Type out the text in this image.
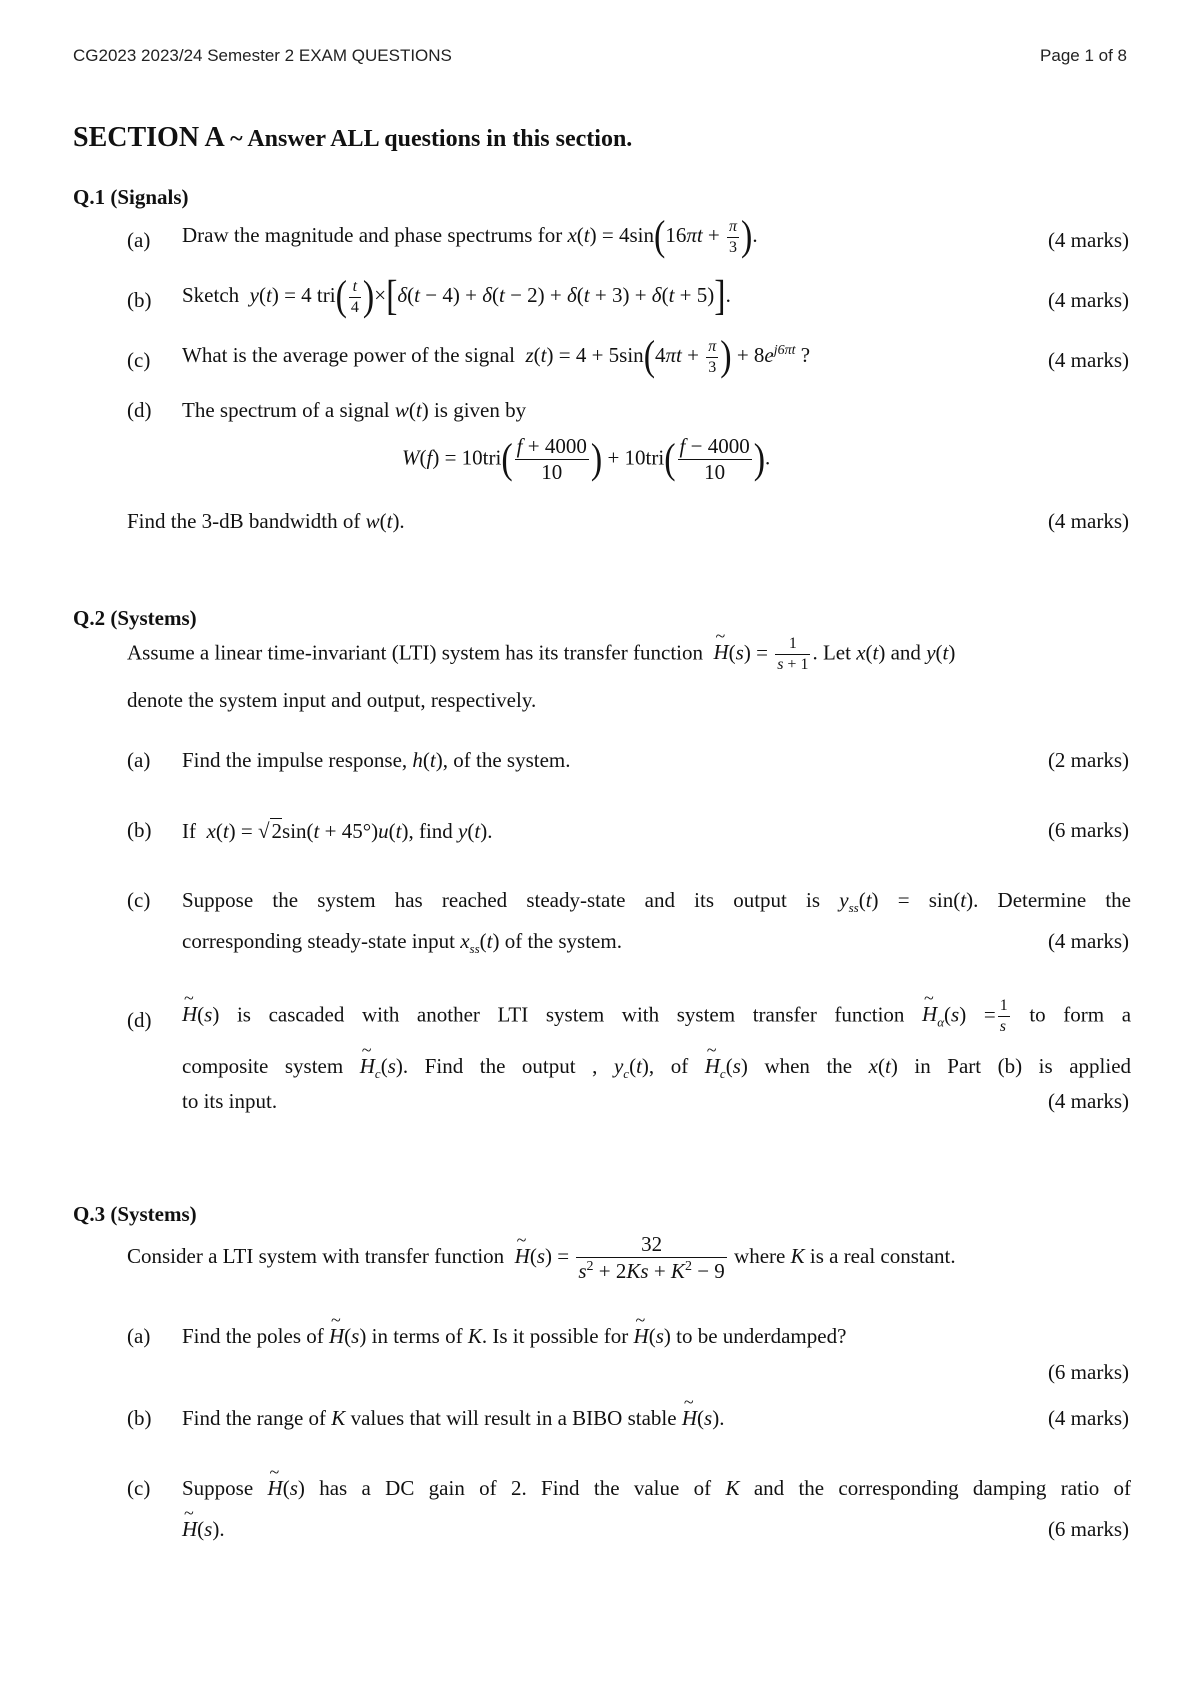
CG2023 2023/24 Semester 2 EXAM QUESTIONS	Page 1 of 8
SECTION A ~ Answer ALL questions in this section.
Q.1 (Signals)
(a) Draw the magnitude and phase spectrums for $x(t) = 4\sin(16\pi t + \frac{\pi}{3}$ ).	(4 marks)
(b) Sketch y(t) = 4 $tri( \frac{t}{4} )\times[\delta(t - 4) + \delta(t - 2) + \delta(t + 3) + \delta(t + 5)]$.	(4 marks)
(c) What is the average power of the signal $z(t) = 4 + 5\sin(4\pi t + \frac{\pi}{3}$ ) + $8e^{j6\pi t}$ ?	(4 marks)
(d) The spectrum of a signal w(t) is given by
$W(f) = 10tri( \frac{f + 4000}{10}$ ) + $10tri( \frac{f - 4000}{10}$ ).
Find the 3-dB bandwidth of w(t).	(4 marks)
Q.2 (Systems)
Assume a linear time-invariant (LTI) system has its transfer function ~ $H(s) = \frac{1}{s + 1}$ . Let x(t) and y(t)
denote the system input and output, respectively.
(a) Find the impulse response, h(t), of the system.	(2 marks)
(b) If x(t) = √2sin(t + 45°)u(t), find y(t).	(6 marks)
(c) Suppose the system has reached steady-state and its output is $y_{ss}(t) = \sin(t)$. Determine the
corresponding steady-state input $x_{ss}(t)$ of the system.	(4 marks)
(d) ~ H(s) is cascaded with another LTI system with system transfer function ~ $H_\alpha(s) = \frac{1}{s}$ to form a
composite system ~ $H_c(s)$. Find the output , $y_c(t)$, of ~ $H_c(s)$ when the x(t) in Part (b) is applied
to its input.	(4 marks)
Q.3 (Systems)
Consider a LTI system with transfer function ~ $H(s) = \frac{32}{s^2 + 2Ks + K^2 - 9}$ where K is a real constant.
(a) Find the poles of ~ H(s) in terms of K. Is it possible for ~ H(s) to be underdamped?
(6 marks)
(b) Find the range of K values that will result in a BIBO stable ~ H(s).	(4 marks)
(c) Suppose ~ H(s) has a DC gain of 2. Find the value of K and the corresponding damping ratio of
~ H(s).	(6 marks)
